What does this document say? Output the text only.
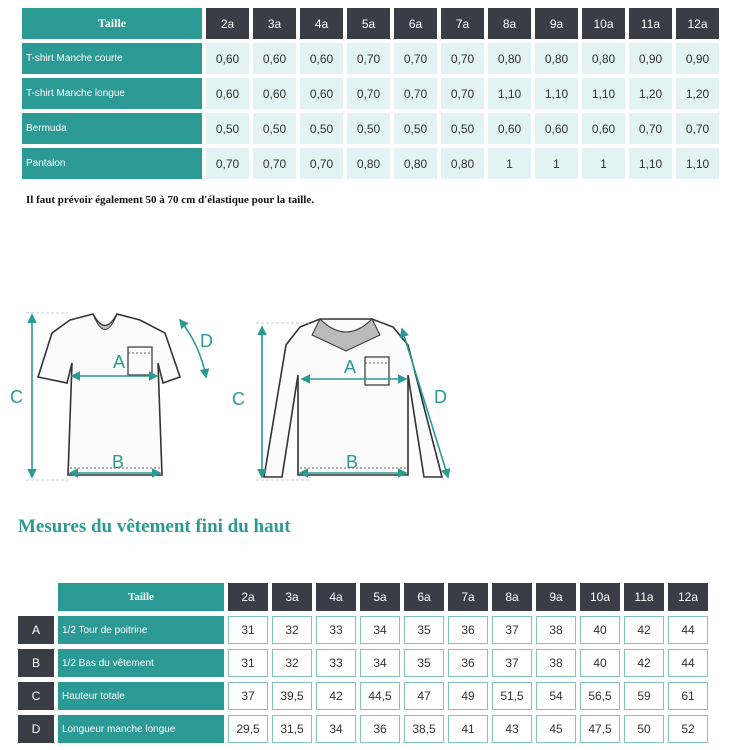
Taille	2a	3a	4a	5a	6a	7a	8a	9a	10a	11a	12a
T-shirt Manche courte	0,60	0,60	0,60	0,70	0,70	0,70	0,80	0,80	0,80	0,90	0,90
T-shirt Manche longue	0,60	0,60	0,60	0,70	0,70	0,70	1,10	1,10	1,10	1,20	1,20
Bermuda	0,50	0,50	0,50	0,50	0,50	0,50	0,60	0,60	0,60	0,70	0,70
Pantalon	0,70	0,70	0,70	0,80	0,80	0,80	1	1	1	1,10	1,10
Il faut prévoir également 50 à 70 cm d'élastique pour la taille.
A
B
C
D
A
B
C	D
Mesures du vêtement fini du haut
Taille	2a	3a	4a	5a	6a	7a	8a	9a	10a	11a	12a
A	1/2 Tour de poitrine	31	32	33	34	35	36	37	38	40	42	44
B	1/2 Bas du vêtement	31	32	33	34	35	36	37	38	40	42	44
C	Hauteur totale	37	39,5	42	44,5	47	49	51,5	54	56,5	59	61
D	Longueur manche longue	29,5	31,5	34	36	38,5	41	43	45	47,5	50	52
